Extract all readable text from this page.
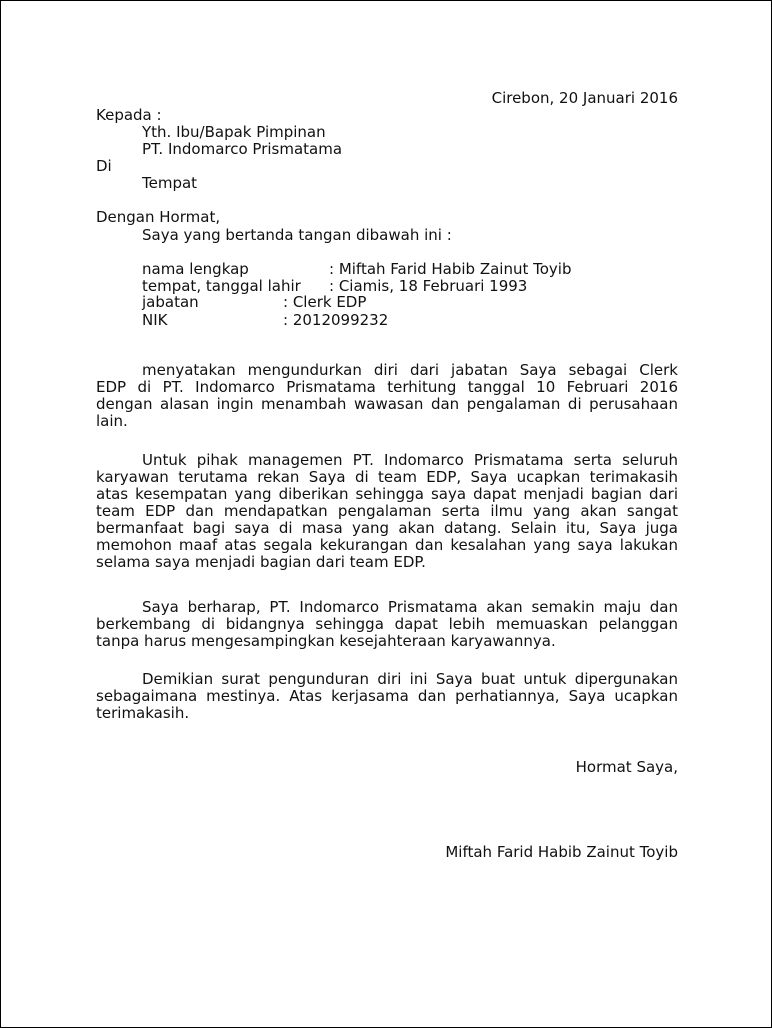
Cirebon, 20 Januari 2016
Kepada :
Yth. Ibu/Bapak Pimpinan
PT. Indomarco Prismatama
Di
Tempat
Dengan Hormat,
Saya yang bertanda tangan dibawah ini :
nama lengkap	: Miftah Farid Habib Zainut Toyib
tempat, tanggal lahir : Ciamis, 18 Februari 1993
jabatan	: Clerk EDP
NIK	: 2012099232
menyatakan mengundurkan diri dari jabatan Saya sebagai Clerk
EDP di PT. Indomarco Prismatama terhitung tanggal 10 Februari 2016
dengan alasan ingin menambah wawasan dan pengalaman di perusahaan
lain.
Untuk pihak managemen PT. Indomarco Prismatama serta seluruh
karyawan terutama rekan Saya di team EDP, Saya ucapkan terimakasih
atas kesempatan yang diberikan sehingga saya dapat menjadi bagian dari
team EDP dan mendapatkan pengalaman serta ilmu yang akan sangat
bermanfaat bagi saya di masa yang akan datang. Selain itu, Saya juga
memohon maaf atas segala kekurangan dan kesalahan yang saya lakukan
selama saya menjadi bagian dari team EDP.
Saya berharap, PT. Indomarco Prismatama akan semakin maju dan
berkembang di bidangnya sehingga dapat lebih memuaskan pelanggan
tanpa harus mengesampingkan kesejahteraan karyawannya.
Demikian surat pengunduran diri ini Saya buat untuk dipergunakan
sebagaimana mestinya. Atas kerjasama dan perhatiannya, Saya ucapkan
terimakasih.
Hormat Saya,
Miftah Farid Habib Zainut Toyib
